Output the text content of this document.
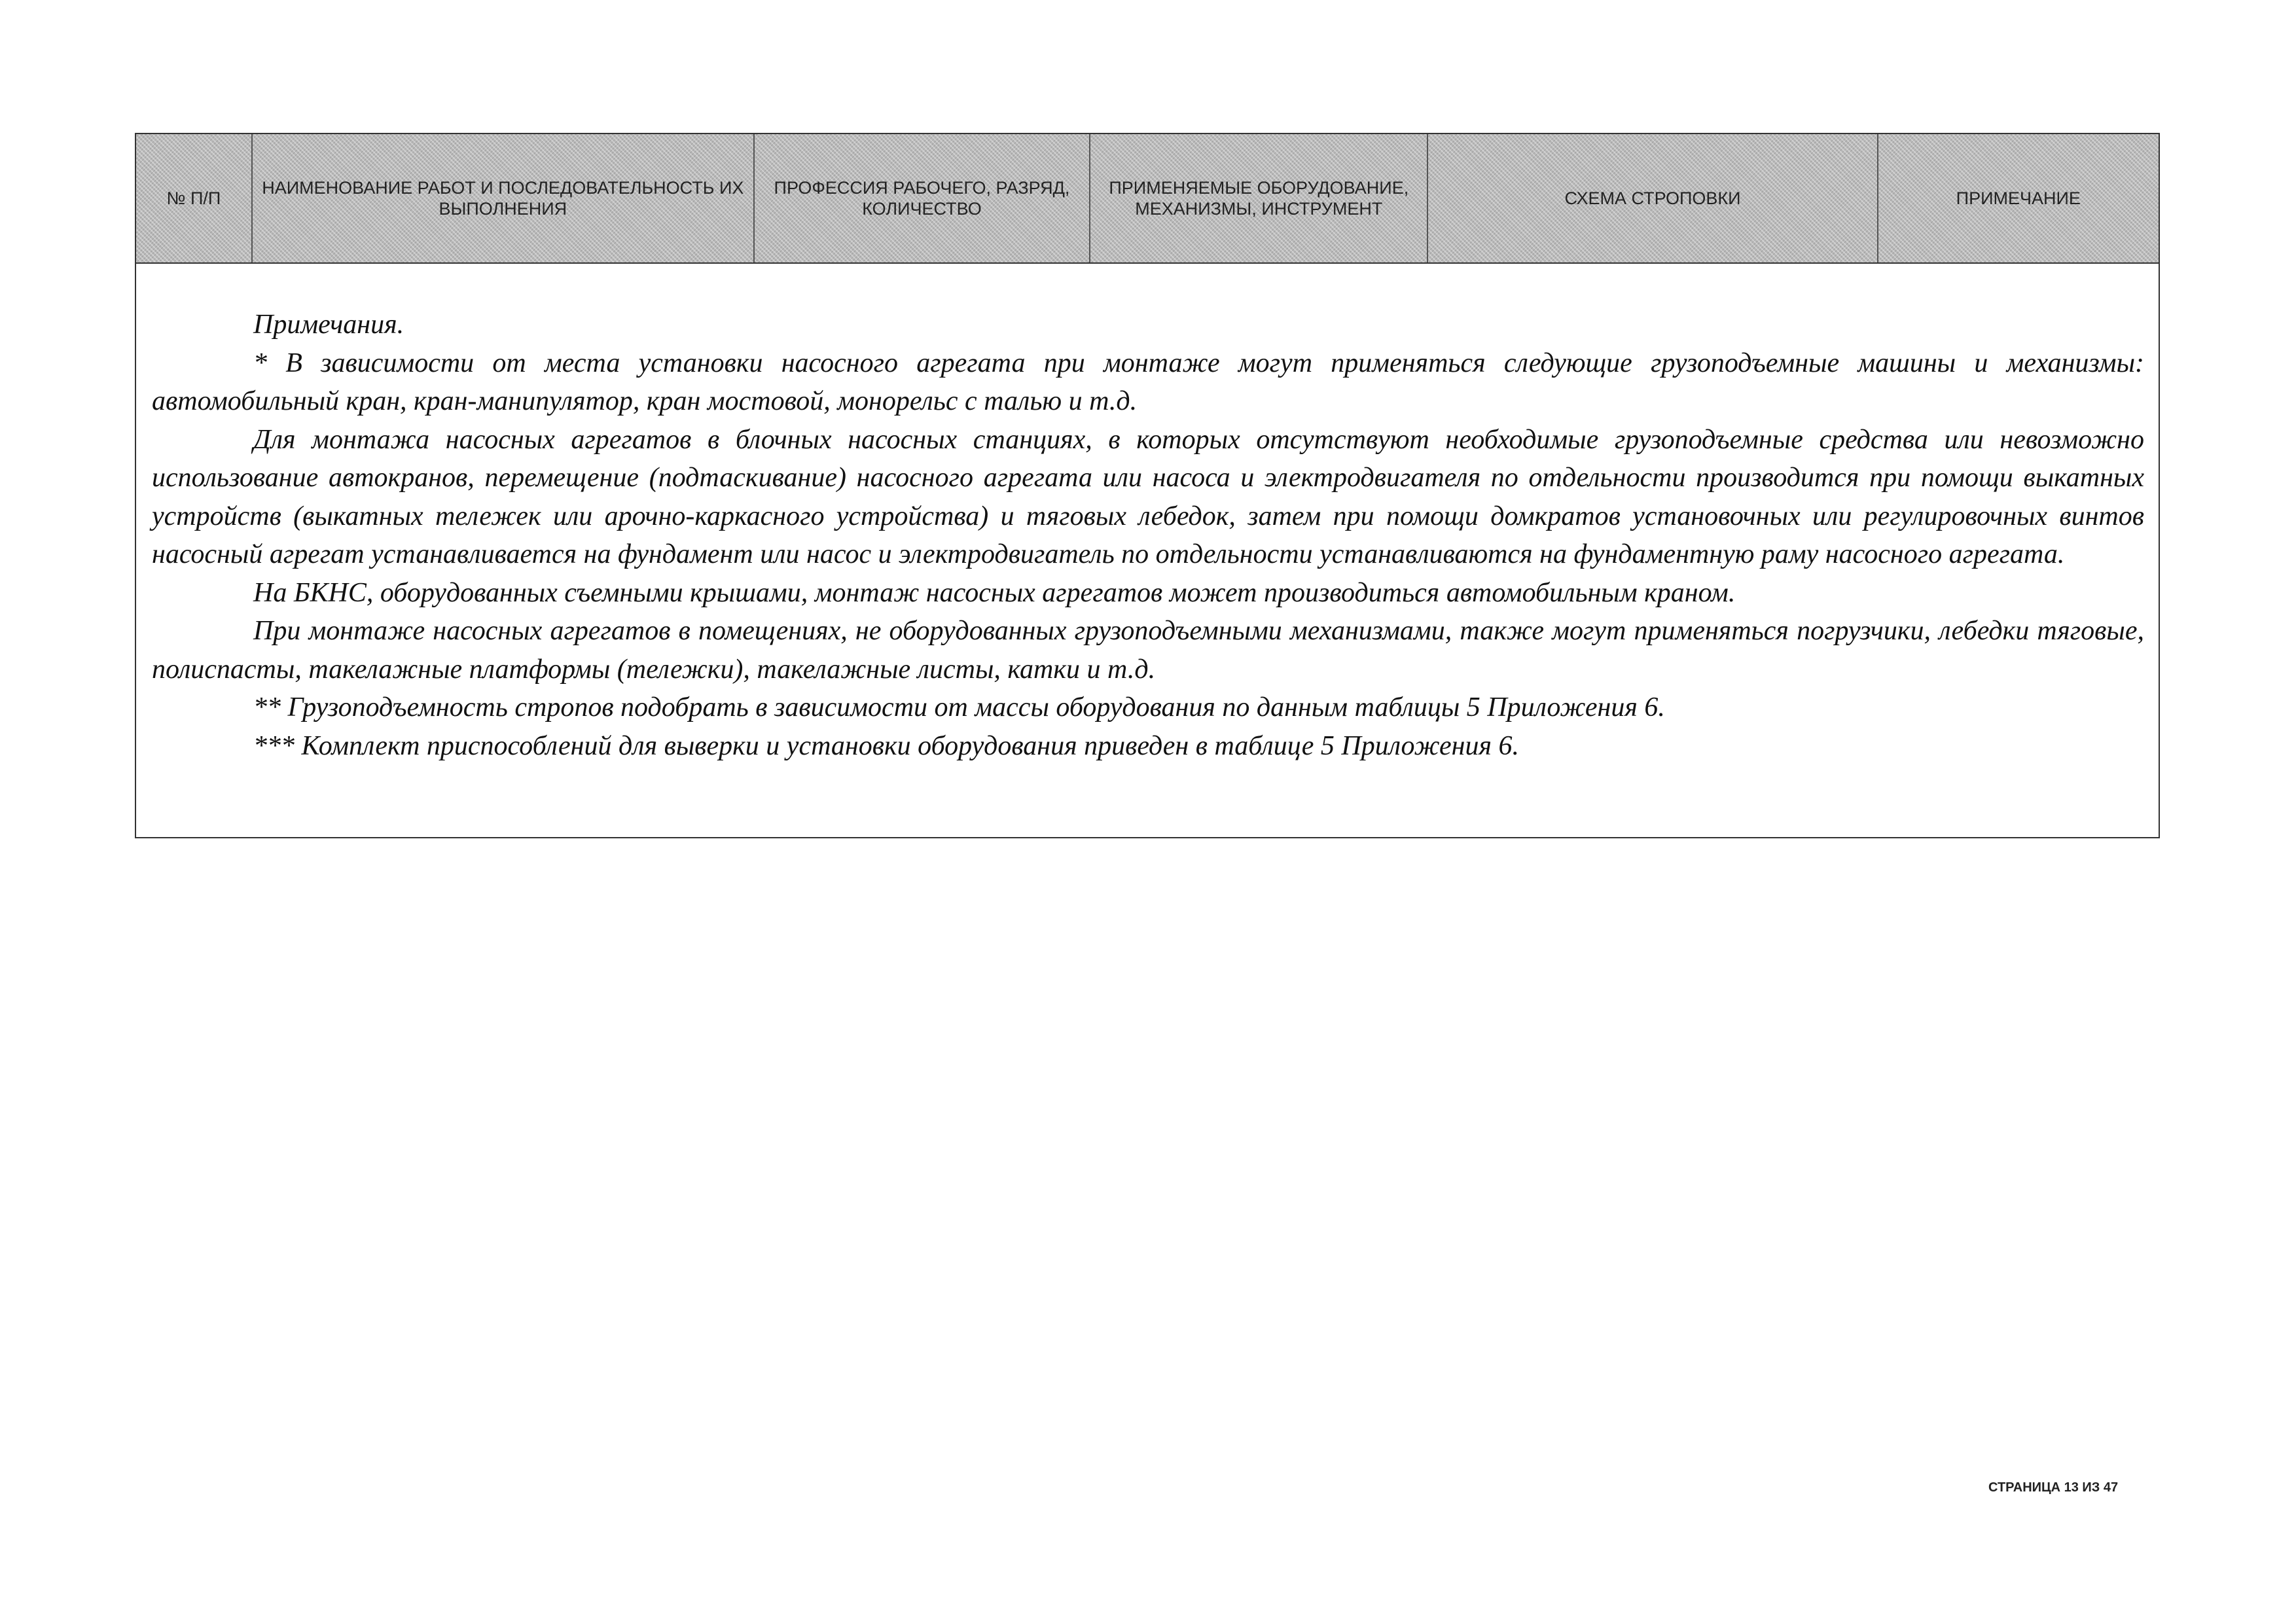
№ П/П
НАИМЕНОВАНИЕ РАБОТ И ПОСЛЕДОВАТЕЛЬНОСТЬ ИХ ВЫПОЛНЕНИЯ
ПРОФЕССИЯ РАБОЧЕГО, РАЗРЯД, КОЛИЧЕСТВО
ПРИМЕНЯЕМЫЕ ОБОРУДОВАНИЕ, МЕХАНИЗМЫ, ИНСТРУМЕНТ
СХЕМА СТРОПОВКИ	ПРИМЕЧАНИЕ

Примечания.

* В зависимости от места установки насосного агрегата при монтаже могут применяться следующие грузоподъемные машины и механизмы: автомобильный кран, кран-манипулятор, кран мостовой, монорельс с талью и т.д.

Для монтажа насосных агрегатов в блочных насосных станциях, в которых отсутствуют необходимые грузоподъемные средства или невозможно использование автокранов, перемещение (подтаскивание) насосного агрегата или насоса и электродвигателя по отдельности производится при помощи выкатных устройств (выкатных тележек или арочно-каркасного устройства) и тяговых лебедок, затем при помощи домкратов установочных или регулировочных винтов насосный агрегат устанавливается на фундамент или насос и электродвигатель по отдельности устанавливаются на фундаментную раму насосного агрегата.

На БКНС, оборудованных съемными крышами, монтаж насосных агрегатов может производиться автомобильным краном.

При монтаже насосных агрегатов в помещениях, не оборудованных грузоподъемными механизмами, также могут применяться погрузчики, лебедки тяговые, полиспасты, такелажные платформы (тележки), такелажные листы, катки и т.д.

** Грузоподъемность стропов подобрать в зависимости от массы оборудования по данным таблицы 5 Приложения 6.

*** Комплект приспособлений для выверки и установки оборудования приведен в таблице 5 Приложения 6.

СТРАНИЦА 13 ИЗ 47
